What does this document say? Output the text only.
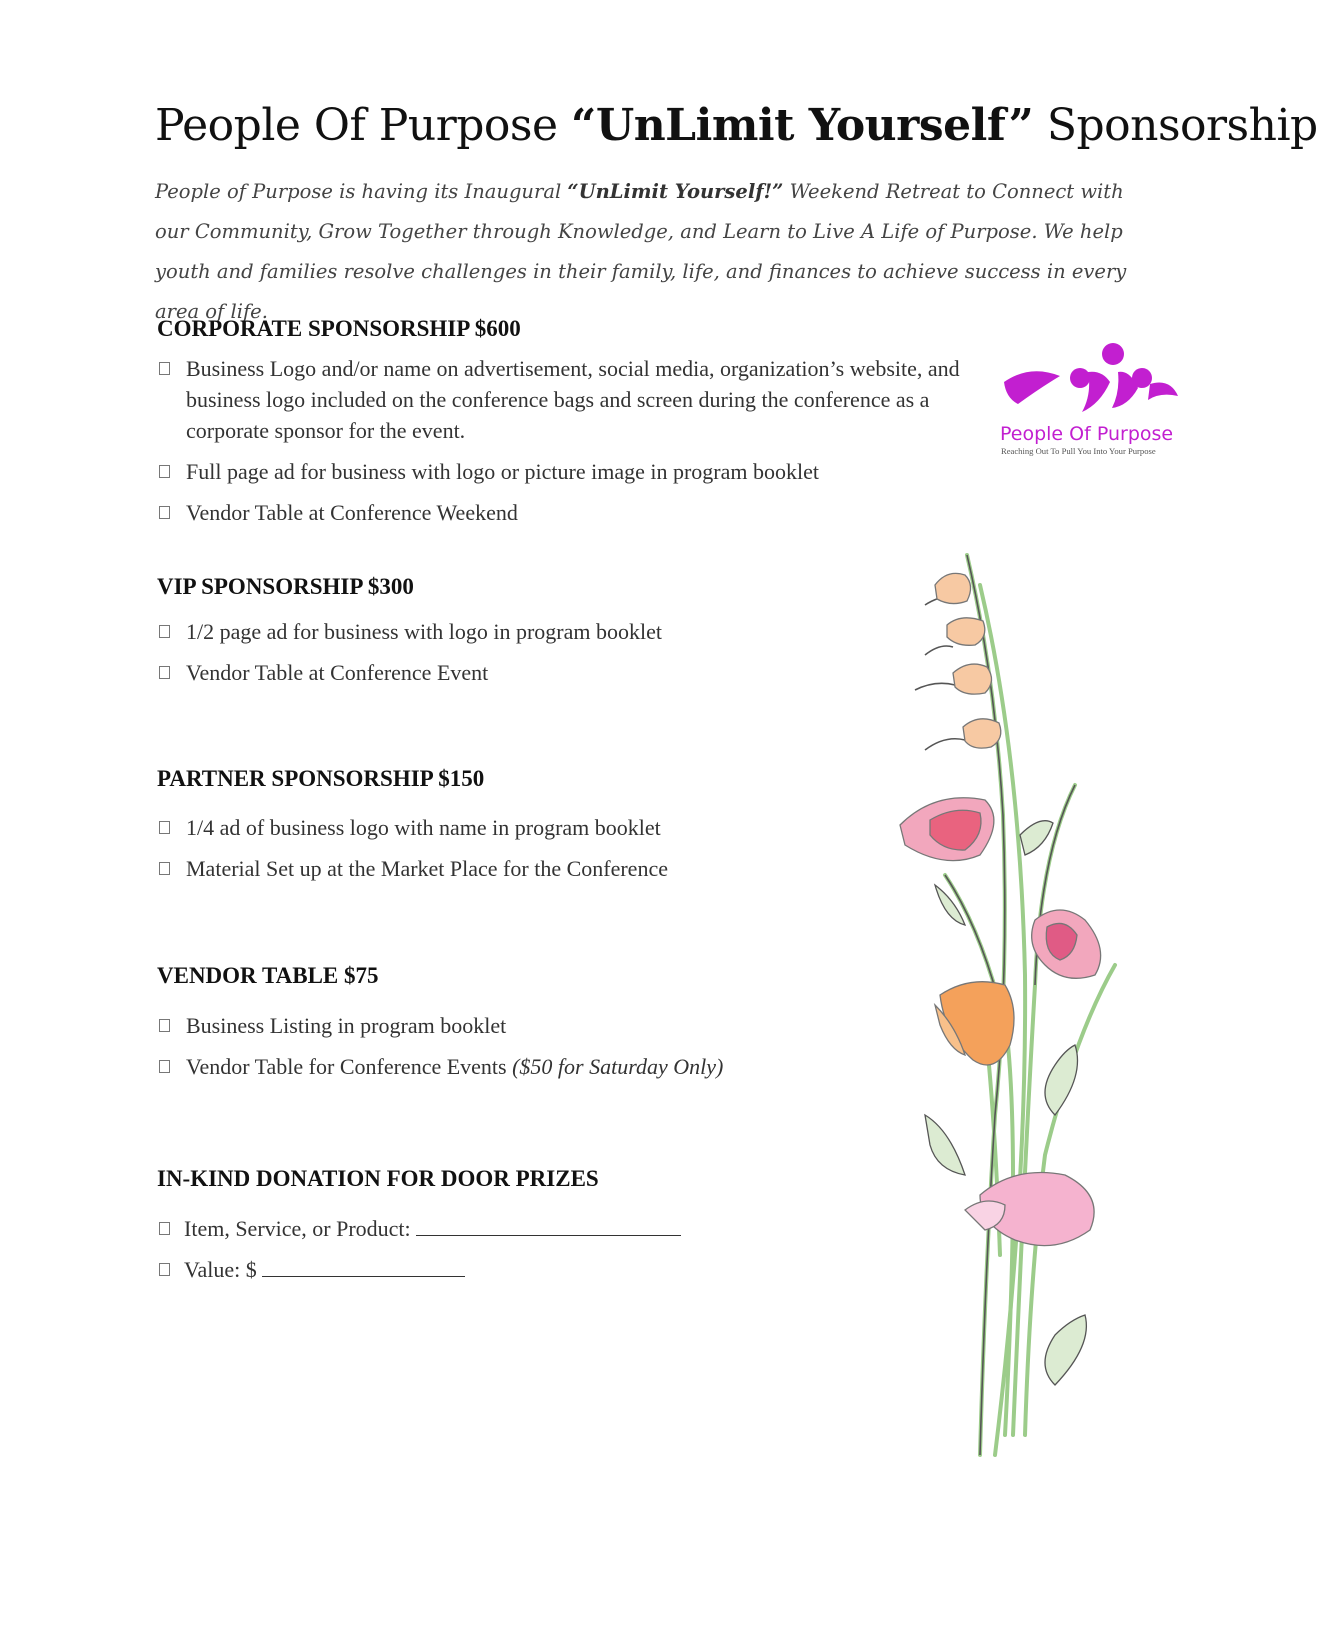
People Of Purpose “UnLimit Yourself” Sponsorship
People of Purpose is having its Inaugural “UnLimit Yourself!” Weekend Retreat to Connect with our Community, Grow Together through Knowledge, and Learn to Live A Life of Purpose. We help youth and families resolve challenges in their family, life, and finances to achieve success in every area of life.
People Of Purpose
Reaching Out To Pull You Into Your Purpose
CORPORATE SPONSORSHIP $600
Business Logo and/or name on advertisement, social media, organization’s website, and business logo included on the conference bags and screen during the conference as a corporate sponsor for the event.
Full page ad for business with logo or picture image in program booklet
Vendor Table at Conference Weekend
VIP SPONSORSHIP $300
1/2 page ad for business with logo in program booklet
Vendor Table at Conference Event
PARTNER SPONSORSHIP $150
1/4 ad of business logo with name in program booklet
Material Set up at the Market Place for the Conference
VENDOR TABLE $75
Business Listing in program booklet
Vendor Table for Conference Events ($50 for Saturday Only)
IN-KIND DONATION FOR DOOR PRIZES
Item, Service, or Product:
Value: $
